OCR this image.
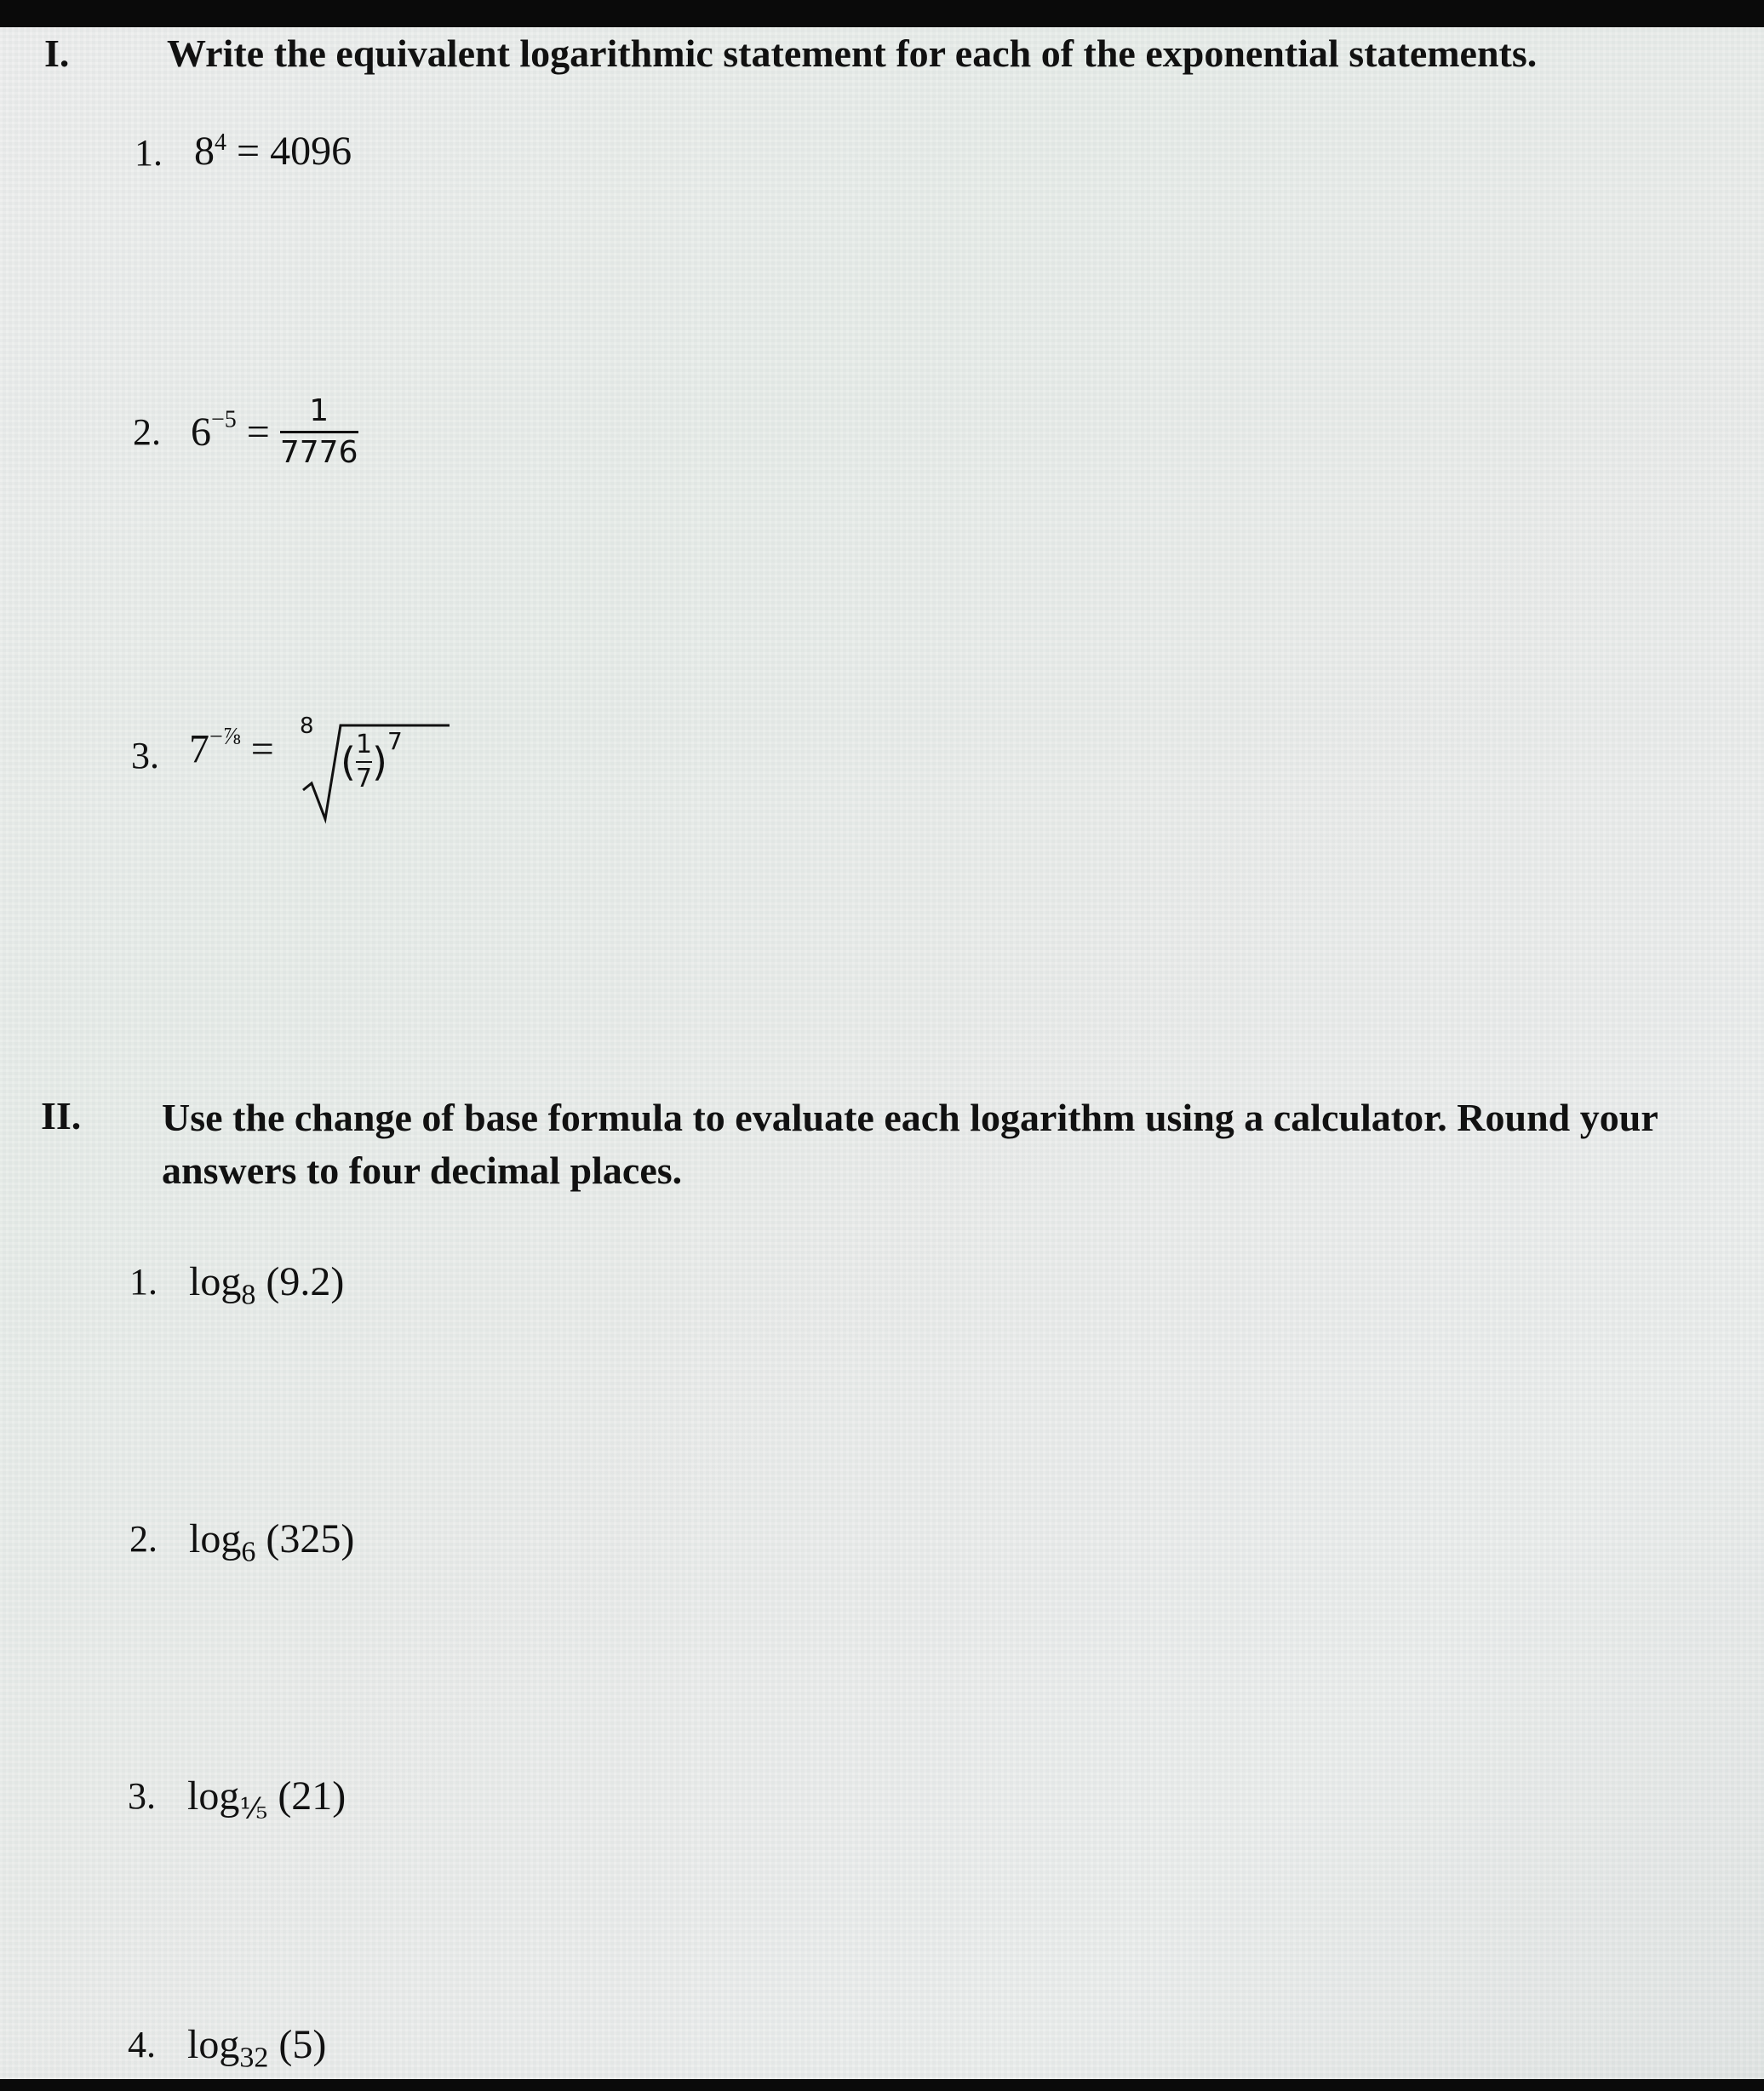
I. Write the equivalent logarithmic statement for each of the exponential statements.
1. $8^4 = 4096$
2. $6^{-5} = \frac{1}{7776}$
3. $7^{-\frac{7}{8}}$ =
8
( $\frac{1}{7} )^7$
II. Use the change of base formula to evaluate each logarithm using a calculator. Round your answers to four decimal places.
1. $\log_8 (9.2)$
2. $\log_6 (325)$
3. $\log_{\frac{1}{5}} (21)$
4. $\log_{32} (5)$
